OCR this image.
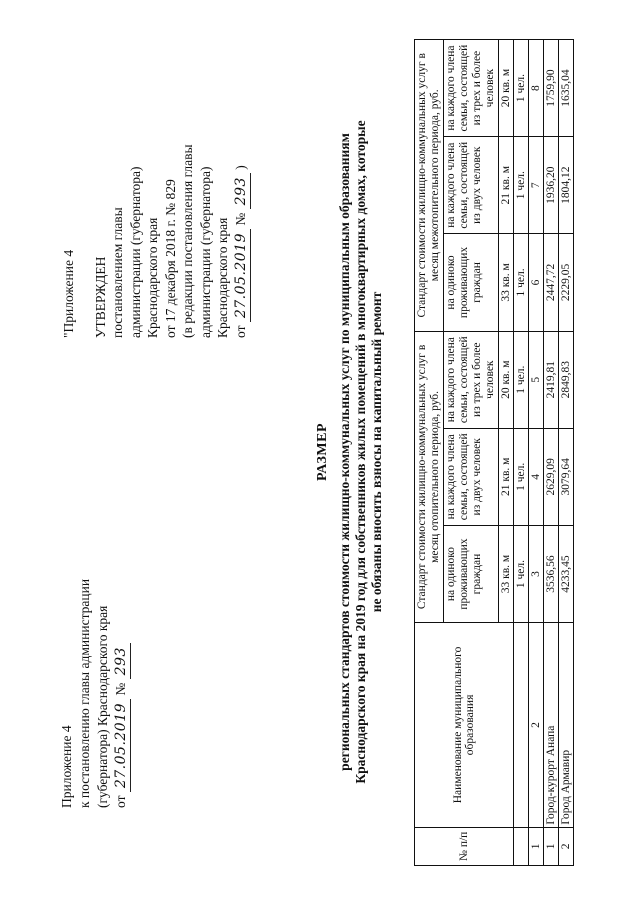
Приложение 4 к постановлению главы администрации (губернатора) Краснодарского края от 27.05.2019 № 293
"Приложение 4 УТВЕРЖДЕН постановлением главы администрации (губернатора) Краснодарского края от 17 декабря 2018 г. № 829 (в редакции постановления главы администрации (губернатора) Краснодарского края от 27.05.2019 № 293 )
РАЗМЕР региональных стандартов стоимости жилищно-коммунальных услуг по муниципальным образованиям Краснодарского края на 2019 год для собственников жилых помещений в многоквартирных домах, которые не обязаны вносить взносы на капитальный ремонт
№ п/п	Наименование муниципального образования	Стандарт стоимости жилищно-коммунальных услуг в месяц отопительного периода, руб.			Стандарт стоимости жилищно-коммунальных услуг в месяц межотопительного периода, руб.		
		на одиноко проживающих граждан	на каждого члена семьи, состоящей из двух человек	на каждого члена семьи, состоящей из трех и более человек	на одиноко проживающих граждан	на каждого члена семьи, состоящей из двух человек	на каждого члена семьи, состоящей из трех и более человек
		33 кв. м	21 кв. м	20 кв. м	33 кв. м	21 кв. м	20 кв. м
		1 чел.	1 чел.	1 чел.	1 чел.	1 чел.	1 чел.
1	2	3	4	5	6	7	8
1	Город-курорт Анапа	3536,56	2629,09	2419,81	2447,72	1936,20	1759,90
2	Город Армавир	4233,45	3079,64	2849,83	2229,05	1804,12	1635,04
